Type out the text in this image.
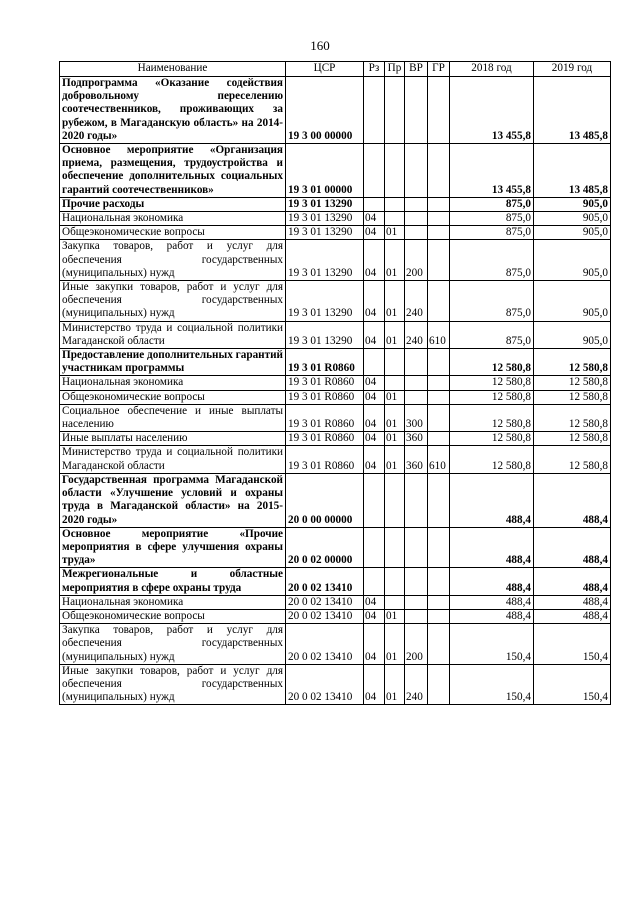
160
Наименование	ЦСР	Рз	Пр	ВР	ГР	2018 год	2019 год
Подпрограмма «Оказание содействия добровольному переселению соотечественников, проживающих за рубежом, в Магаданскую область» на 2014-2020 годы»	19 3 00 00000					13 455,8	13 485,8
Основное мероприятие «Организация приема, размещения, трудоустройства и обеспечение дополнительных социальных гарантий соотечественников»	19 3 01 00000					13 455,8	13 485,8
Прочие расходы	19 3 01 13290					875,0	905,0
Национальная экономика	19 3 01 13290	04				875,0	905,0
Общеэкономические вопросы	19 3 01 13290	04	01			875,0	905,0
Закупка товаров, работ и услуг для обеспечения государственных (муниципальных) нужд	19 3 01 13290	04	01	200		875,0	905,0
Иные закупки товаров, работ и услуг для обеспечения государственных (муниципальных) нужд	19 3 01 13290	04	01	240		875,0	905,0
Министерство труда и социальной политики Магаданской области	19 3 01 13290	04	01	240	610	875,0	905,0
Предоставление дополнительных гарантий участникам программы	19 3 01 R0860					12 580,8	12 580,8
Национальная экономика	19 3 01 R0860	04				12 580,8	12 580,8
Общеэкономические вопросы	19 3 01 R0860	04	01			12 580,8	12 580,8
Социальное обеспечение и иные выплаты населению	19 3 01 R0860	04	01	300		12 580,8	12 580,8
Иные выплаты населению	19 3 01 R0860	04	01	360		12 580,8	12 580,8
Министерство труда и социальной политики Магаданской области	19 3 01 R0860	04	01	360	610	12 580,8	12 580,8
Государственная программа Магаданской области «Улучшение условий и охраны труда в Магаданской области» на 2015-2020 годы»	20 0 00 00000					488,4	488,4
Основное мероприятие «Прочие мероприятия в сфере улучшения охраны труда»	20 0 02 00000					488,4	488,4
Межрегиональные и областные мероприятия в сфере охраны труда	20 0 02 13410					488,4	488,4
Национальная экономика	20 0 02 13410	04				488,4	488,4
Общеэкономические вопросы	20 0 02 13410	04	01			488,4	488,4
Закупка товаров, работ и услуг для обеспечения государственных (муниципальных) нужд	20 0 02 13410	04	01	200		150,4	150,4
Иные закупки товаров, работ и услуг для обеспечения государственных (муниципальных) нужд	20 0 02 13410	04	01	240		150,4	150,4
